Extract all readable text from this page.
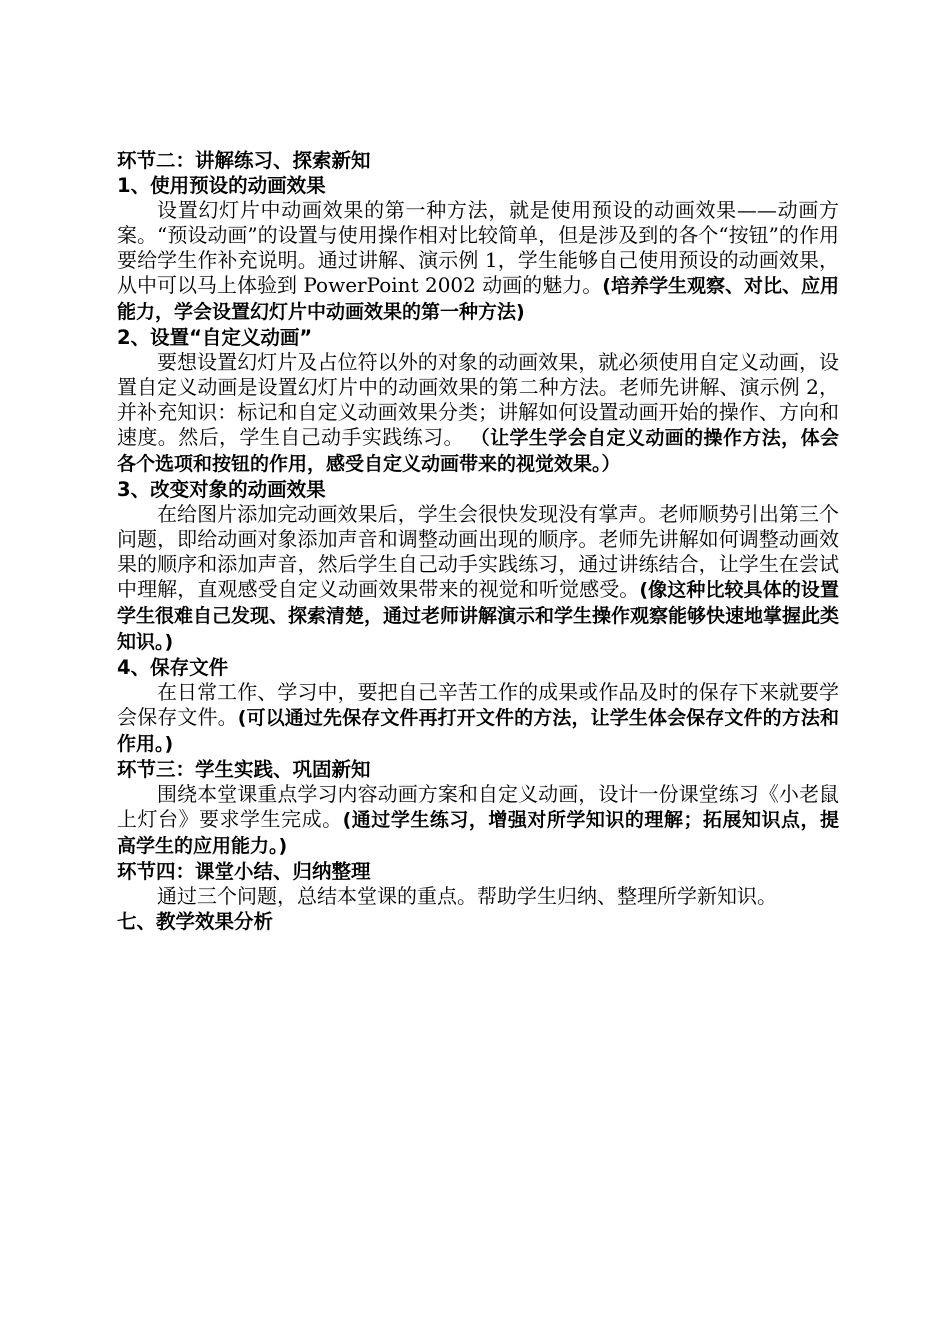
环节二：讲解练习、探索新知

1、使用预设的动画效果

设置幻灯片中动画效果的第一种方法，就是使用预设的动画效果——动画方案。“预设动画”的设置与使用操作相对比较简单，但是涉及到的各个“按钮”的作用要给学生作补充说明。通过讲解、演示例 1，学生能够自己使用预设的动画效果，从中可以马上体验到 PowerPoint 2002 动画的魅力。(培养学生观察、对比、应用能力，学会设置幻灯片中动画效果的第一种方法)

2、设置“自定义动画”

要想设置幻灯片及占位符以外的对象的动画效果，就必须使用自定义动画，设置自定义动画是设置幻灯片中的动画效果的第二种方法。老师先讲解、演示例 2，并补充知识：标记和自定义动画效果分类；讲解如何设置动画开始的操作、方向和速度。然后，学生自己动手实践练习。 （让学生学会自定义动画的操作方法，体会各个选项和按钮的作用，感受自定义动画带来的视觉效果。）

3、改变对象的动画效果

在给图片添加完动画效果后，学生会很快发现没有掌声。老师顺势引出第三个问题，即给动画对象添加声音和调整动画出现的顺序。老师先讲解如何调整动画效果的顺序和添加声音，然后学生自己动手实践练习，通过讲练结合，让学生在尝试中理解，直观感受自定义动画效果带来的视觉和听觉感受。(像这种比较具体的设置学生很难自己发现、探索清楚，通过老师讲解演示和学生操作观察能够快速地掌握此类知识。)

4、保存文件

在日常工作、学习中，要把自己辛苦工作的成果或作品及时的保存下来就要学会保存文件。(可以通过先保存文件再打开文件的方法，让学生体会保存文件的方法和作用。)

环节三：学生实践、巩固新知

围绕本堂课重点学习内容动画方案和自定义动画，设计一份课堂练习《小老鼠上灯台》要求学生完成。(通过学生练习，增强对所学知识的理解；拓展知识点，提高学生的应用能力。)

环节四：课堂小结、归纳整理

通过三个问题，总结本堂课的重点。帮助学生归纳、整理所学新知识。

七、教学效果分析
